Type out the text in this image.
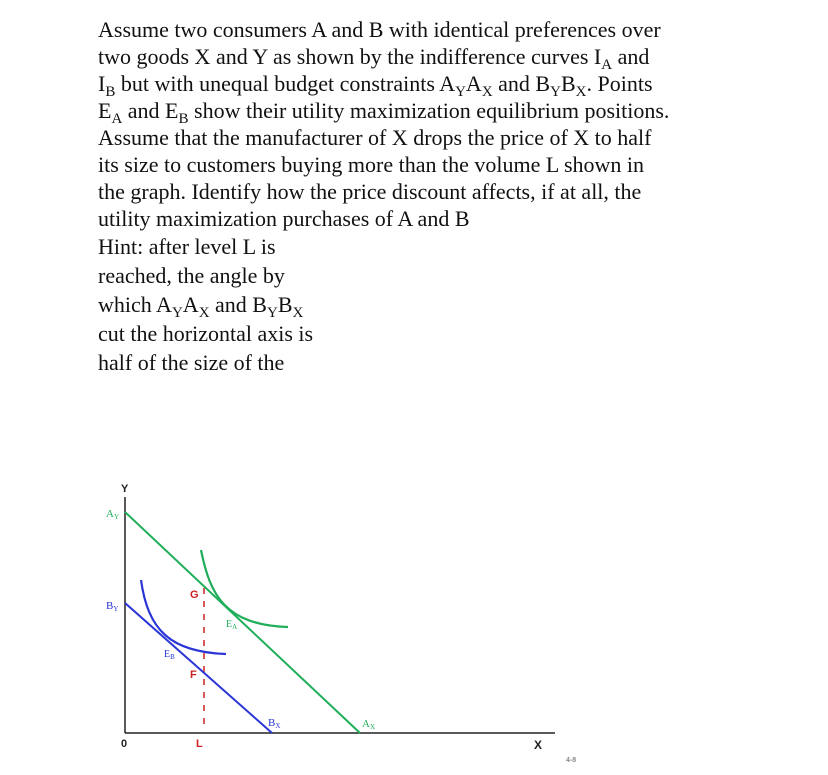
Assume two consumers A and B with identical preferences over
two goods X and Y as shown by the indifference curves $I_A$ and
$I_B$ but with unequal budget constraints $A_YA_X$ and $B_YB_X$. Points
$E_A$ and $E_B$ show their utility maximization equilibrium positions.
Assume that the manufacturer of X drops the price of X to half
its size to customers buying more than the volume L shown in
the graph. Identify how the price discount affects, if at all, the
utility maximization purchases of A and B
Hint: after level L is
reached, the angle by
which $A_YA_X$ and $B_YB_X$
cut the horizontal axis is
half of the size of the
Y
X
0	L
AY
BY
AX
BX
$E_A$
$E_B$
G
F
4-8
